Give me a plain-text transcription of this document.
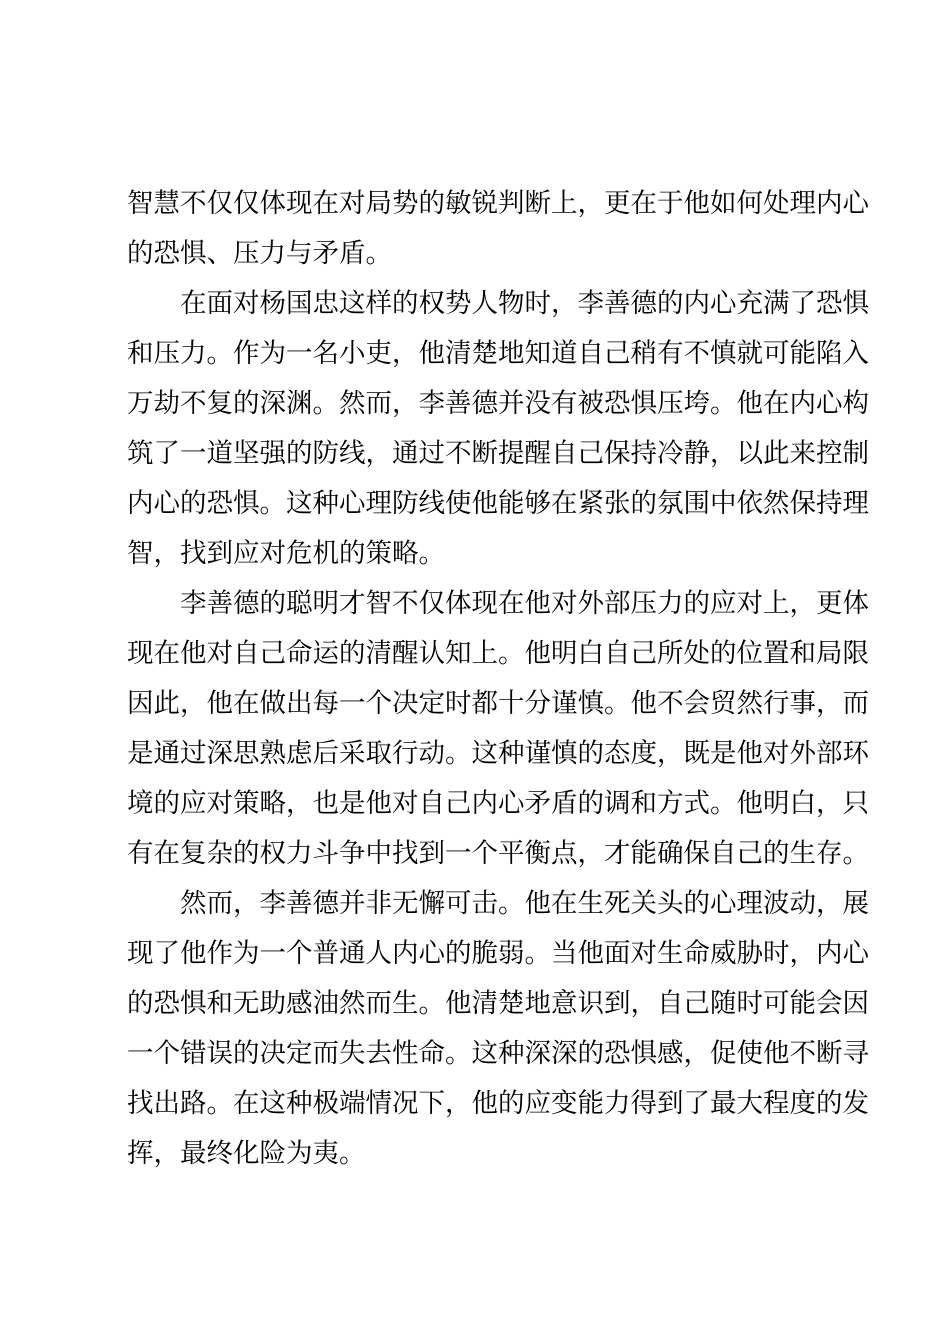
智慧不仅仅体现在对局势的敏锐判断上，更在于他如何处理内心
的恐惧、压力与矛盾。
在面对杨国忠这样的权势人物时，李善德的内心充满了恐惧
和压力。作为一名小吏，他清楚地知道自己稍有不慎就可能陷入
万劫不复的深渊。然而，李善德并没有被恐惧压垮。他在内心构
筑了一道坚强的防线，通过不断提醒自己保持冷静，以此来控制
内心的恐惧。这种心理防线使他能够在紧张的氛围中依然保持理
智，找到应对危机的策略。
李善德的聪明才智不仅体现在他对外部压力的应对上，更体
现在他对自己命运的清醒认知上。他明白自己所处的位置和局限
因此，他在做出每一个决定时都十分谨慎。他不会贸然行事，而
是通过深思熟虑后采取行动。这种谨慎的态度，既是他对外部环
境的应对策略，也是他对自己内心矛盾的调和方式。他明白，只
有在复杂的权力斗争中找到一个平衡点，才能确保自己的生存。
然而，李善德并非无懈可击。他在生死关头的心理波动，展
现了他作为一个普通人内心的脆弱。当他面对生命威胁时，内心
的恐惧和无助感油然而生。他清楚地意识到，自己随时可能会因
一个错误的决定而失去性命。这种深深的恐惧感，促使他不断寻
找出路。在这种极端情况下，他的应变能力得到了最大程度的发
挥，最终化险为夷。
